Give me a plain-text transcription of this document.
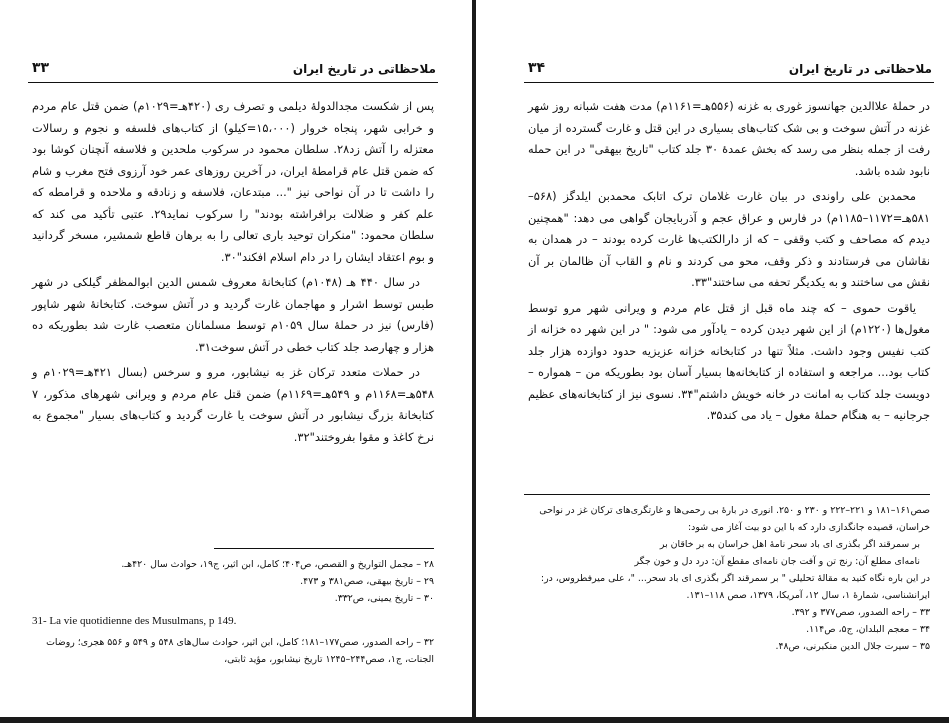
ملاحظاتی در تاریخ ایران
۳۳

پس از شکست مجدالدولۀ دیلمی و تصرف ری (۴۲۰هـ=۱۰۲۹م) ضمن قتل عام مردم و خرابی شهر، پنجاه خروار (۱۵،۰۰۰=کیلو) از کتاب‌های فلسفه و نجوم و رسالات معتزله را آتش زد‌۲۸. سلطان محمود در سرکوب ملحدین و فلاسفه آنچنان کوشا بود که ضمن قتل عام قرامطۀ ایران، در آخرین روزهای عمر خود آرزوی فتح مغرب و شام را داشت تا در آن نواحی نیز "... مبتدعان، فلاسفه و زنادقه و ملاحده و قرامطه که علم کفر و ضلالت برافراشته بودند" را سرکوب نماید‌۲۹. عتبی تأکید می کند که سلطان محمود: "منکران توحید باری تعالی را به برهان قاطع شمشیر، مسخر گردانید و بوم اعتقاد ایشان را در دام اسلام افکند"‌۳۰.

در سال ۴۴۰ هـ (۱۰۴۸م) کتابخانۀ معروف شمس الدین ابوالمظفر گیلکی در شهر طبس توسط اشرار و مهاجمان غارت گردید و در آتش سوخت. کتابخانۀ شهر شاپور (فارس) نیز در حملۀ سال ۱۰۵۹م توسط مسلمانان متعصب غارت شد بطوریکه ده هزار و چهارصد جلد کتاب خطی در آتش سوخت‌۳۱.

در حملات متعدد ترکان غز به نیشابور، مرو و سرخس (بسال ۴۲۱هـ=۱۰۲۹م و ۵۴۸هـ=۱۱۶۸م و ۵۴۹هـ=۱۱۶۹م) ضمن قتل عام مردم و ویرانی شهرهای مذکور، ۷ کتابخانۀ بزرگ نیشابور در آتش سوخت یا غارت گردید و کتاب‌های بسیار "مجموع به نرخ کاغذ و مقوا بفروختند"‌۳۲.

۲۸ – مجمل التواریخ و القصص، ص۴۰۴؛ کامل، ابن اثیر، ج۱۹، حوادث سال ۴۲۰هـ.

۲۹ – تاریخ بیهقی، صص۳۸۱ و ۴۷۳.

۳۰ – تاریخ یمینی، ص۳۳۲.

31- La vie quotidienne des Musulmans, p 149.

۳۲ – راحه الصدور، صص۱۷۷–۱۸۱؛ کامل، ابن اثیر، حوادث سال‌های ۵۴۸ و ۵۴۹ و ۵۵۶ هجری؛ روضات الجنات، ج۱، صص۲۴۴–۱۲۴۵ تاریخ نیشابور، مؤید ثابتی،

ملاحظاتی در تاریخ ایران
۳۴

در حملۀ علاالدین جهانسوز غوری به غزنه (۵۵۶هـ=۱۱۶۱م) مدت هفت شبانه روز شهر غزنه در آتش سوخت و بی شک کتاب‌های بسیاری در این قتل و غارت گسترده از میان رفت از جمله بنظر می رسد که بخش عمدۀ ۳۰ جلد کتاب "تاریخ بیهقی" در این حمله نابود شده باشد.

محمدبن علی راوندی در بیان غارت غلامان ترک اتابک محمدبن ایلدگز (۵۶۸–۵۸۱هـ=۱۱۷۲–۱۱۸۵م) در فارس و عراق عجم و آذربایجان گواهی می دهد: "همچنین دیدم که مصاحف و کتب وقفی – که از دارالکتب‌ها غارت کرده بودند – در همدان به نقاشان می فرستادند و ذکر وقف، محو می کردند و نام و القاب آن ظالمان بر آن نقش می ساختند و به یکدیگر تحفه می ساختند"‌۳۳.

یاقوت حموی – که چند ماه قبل از قتل عام مردم و ویرانی شهر مرو توسط مغول‌ها (۱۲۲۰م) از این شهر دیدن کرده – یادآور می شود: " در این شهر ده خزانه از کتب نفیس وجود داشت. مثلاً تنها در کتابخانه خزانه عزیزیه حدود دوازده هزار جلد کتاب بود... مراجعه و استفاده از کتابخانه‌ها بسیار آسان بود بطوریکه من – همواره – دویست جلد کتاب به امانت در خانه خویش داشتم"‌۳۴. نسوی نیز از کتابخانه‌های عظیم جرجانیه – به هنگام حملۀ مغول – یاد می کند‌۳۵.

صص۱۶۱–۱۸۱ و ۲۲۱–۲۲۲ و ۲۳۰ و ۲۵۰. انوری در بارۀ بی رحمی‌ها و غارتگری‌های ترکان غز در نواحی خراسان، قصیده جانگدازی دارد که با این دو بیت آغاز می شود:

بر سمرقند اگر بگذری ای باد سحر نامۀ اهل خراسان به بر خاقان بر

نامه‌ای مطلع آن: رنج تن و آفت جان نامه‌ای مقطع آن: درد دل و خون جگر

در این باره نگاه کنید به مقالۀ تحلیلی " بر سمرقند اگر بگذری ای باد سحر... "، علی میرفطروس، در: ایرانشناسی، شمارۀ ۱، سال ۱۲، آمریکا، ۱۳۷۹، صص ۱۱۸–۱۳۱.

۳۳ – راحه الصدور، صص۳۷۷ و ۳۹۲.

۳۴ – معجم البلدان، ج۵، ص۱۱۴.

۳۵ – سیرت جلال الدین منکبرنی، ص۴۸.
